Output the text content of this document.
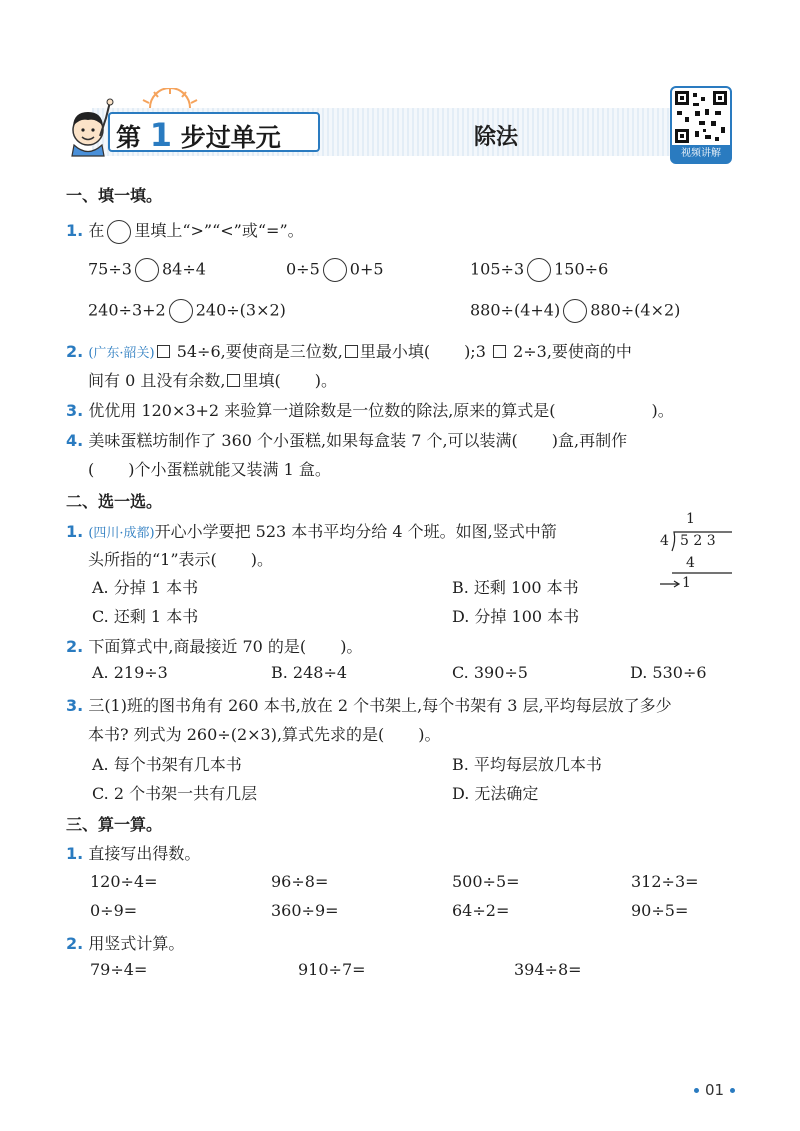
第 1 步过单元	除法
视频讲解
一、填一填。
1. 在 里填上“>”“<”或“=”。
75÷3 84÷4	0÷5 0+5	105÷3 150÷6
240÷3+2 240÷(3×2)	880÷(4+4) 880÷(4×2)
2. (广东·韶关) 54÷6,要使商是三位数, 里最小填( );3 2÷3,要使商的中
间有 0 且没有余数, 里填( )。
3. 优优用 120×3+2 来验算一道除数是一位数的除法,原来的算式是(	)。
4. 美味蛋糕坊制作了 360 个小蛋糕,如果每盒装 7 个,可以装满( )盒,再制作
( )个小蛋糕就能又装满 1 盒。
二、选一选。
1. (四川·成都)开心小学要把 523 本书平均分给 4 个班。如图,竖式中箭
头所指的“1”表示( )。
1
4 5 2 3
4
1
A. 分掉 1 本书	B. 还剩 100 本书
C. 还剩 1 本书	D. 分掉 100 本书
2. 下面算式中,商最接近 70 的是( )。
A. 219÷3	B. 248÷4	C. 390÷5	D. 530÷6
3. 三(1)班的图书角有 260 本书,放在 2 个书架上,每个书架有 3 层,平均每层放了多少
本书? 列式为 260÷(2×3),算式先求的是( )。
A. 每个书架有几本书	B. 平均每层放几本书
C. 2 个书架一共有几层	D. 无法确定
三、算一算。
1. 直接写出得数。
120÷4=	96÷8=	500÷5=	312÷3=
0÷9=	360÷9=	64÷2=	90÷5=
2. 用竖式计算。
79÷4=	910÷7=	394÷8=
01
